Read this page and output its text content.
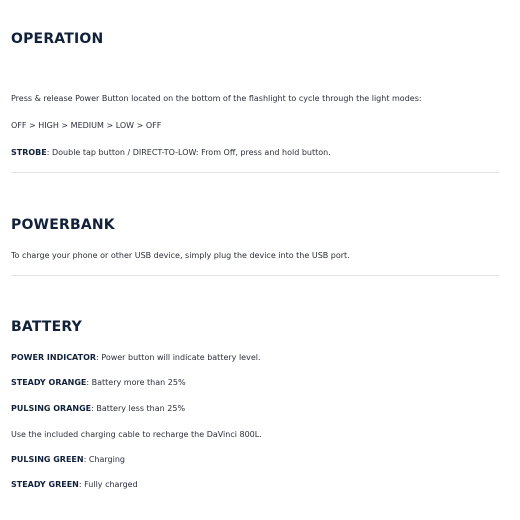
OPERATION

Press & release Power Button located on the bottom of the flashlight to cycle through the light modes:

OFF > HIGH > MEDIUM > LOW > OFF

STROBE: Double tap button / DIRECT-TO-LOW: From Off, press and hold button.

POWERBANK

To charge your phone or other USB device, simply plug the device into the USB port.

BATTERY

POWER INDICATOR: Power button will indicate battery level.

STEADY ORANGE: Battery more than 25%

PULSING ORANGE: Battery less than 25%

Use the included charging cable to recharge the DaVinci 800L.

PULSING GREEN: Charging

STEADY GREEN: Fully charged
